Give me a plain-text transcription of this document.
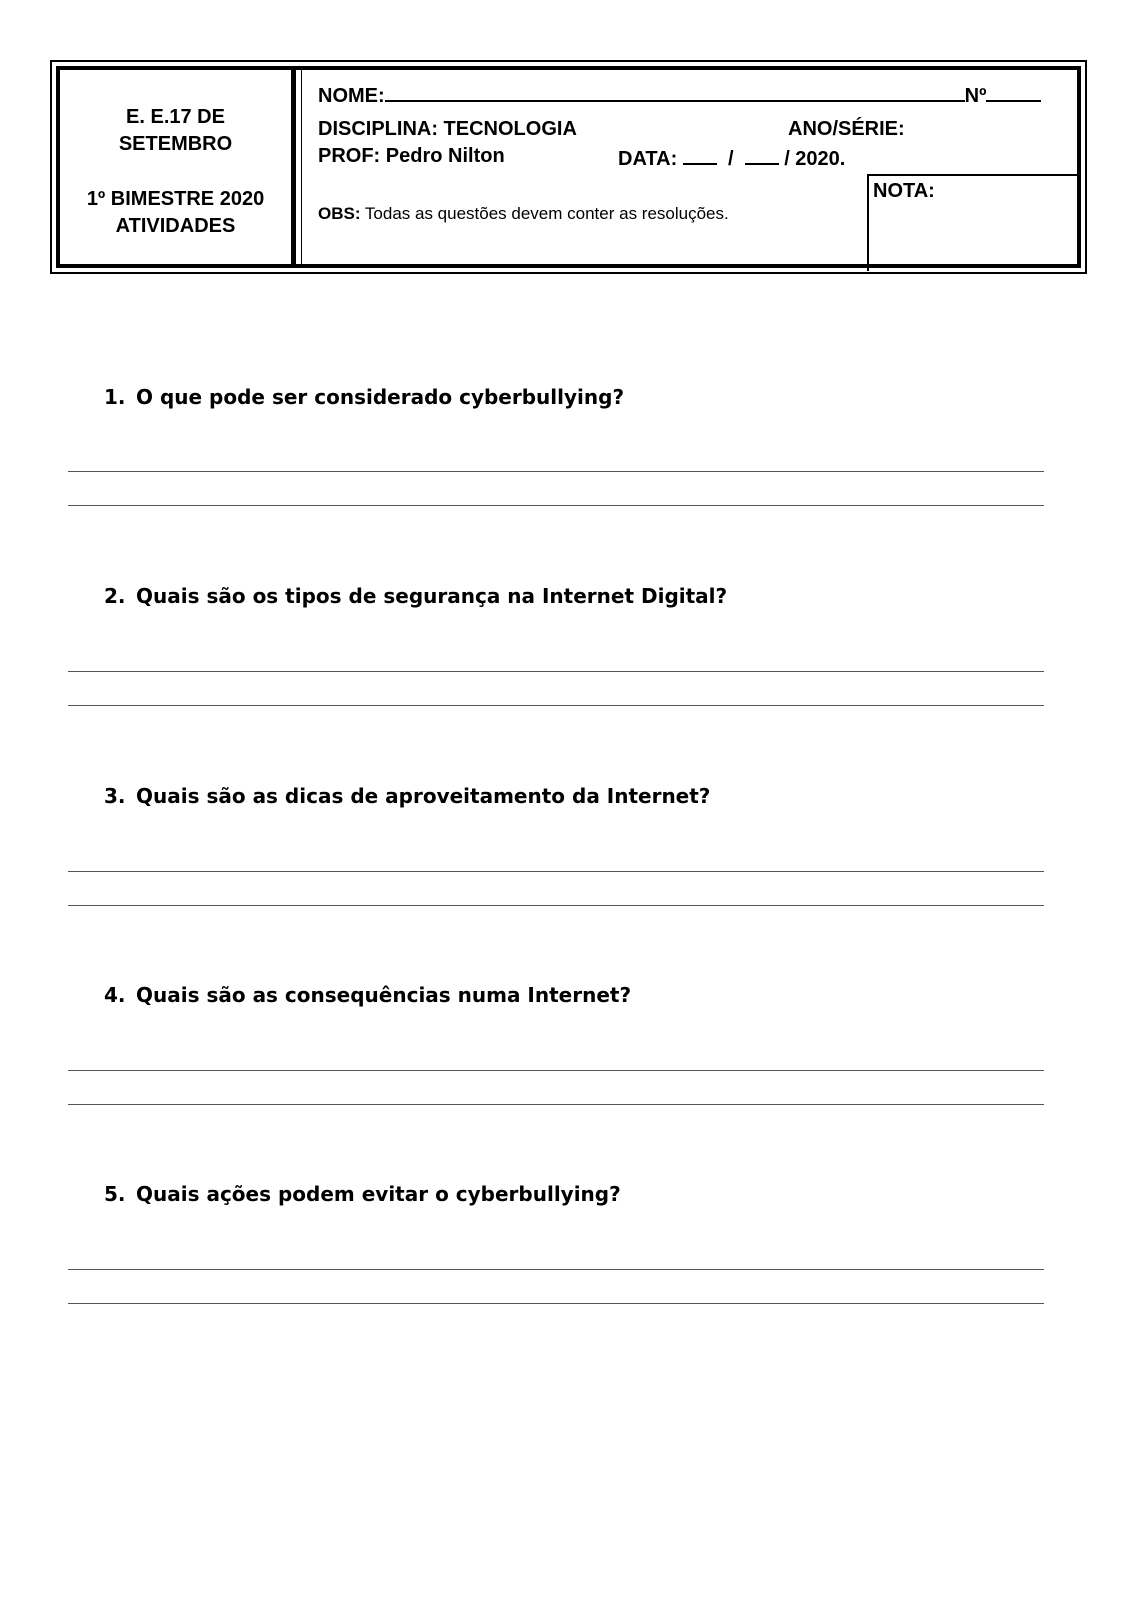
E. E.17 DE
SETEMBRO
1º BIMESTRE 2020
ATIVIDADES
NOME:	Nº
DISCIPLINA: TECNOLOGIA	ANO/SÉRIE:
PROF: Pedro Nilton	DATA:	/	/ 2020.
OBS: Todas as questões devem conter as resoluções.
NOTA:
1. O que pode ser considerado cyberbullying?
2. Quais são os tipos de segurança na Internet Digital?
3. Quais são as dicas de aproveitamento da Internet?
4. Quais são as consequências numa Internet?
5. Quais ações podem evitar o cyberbullying?
